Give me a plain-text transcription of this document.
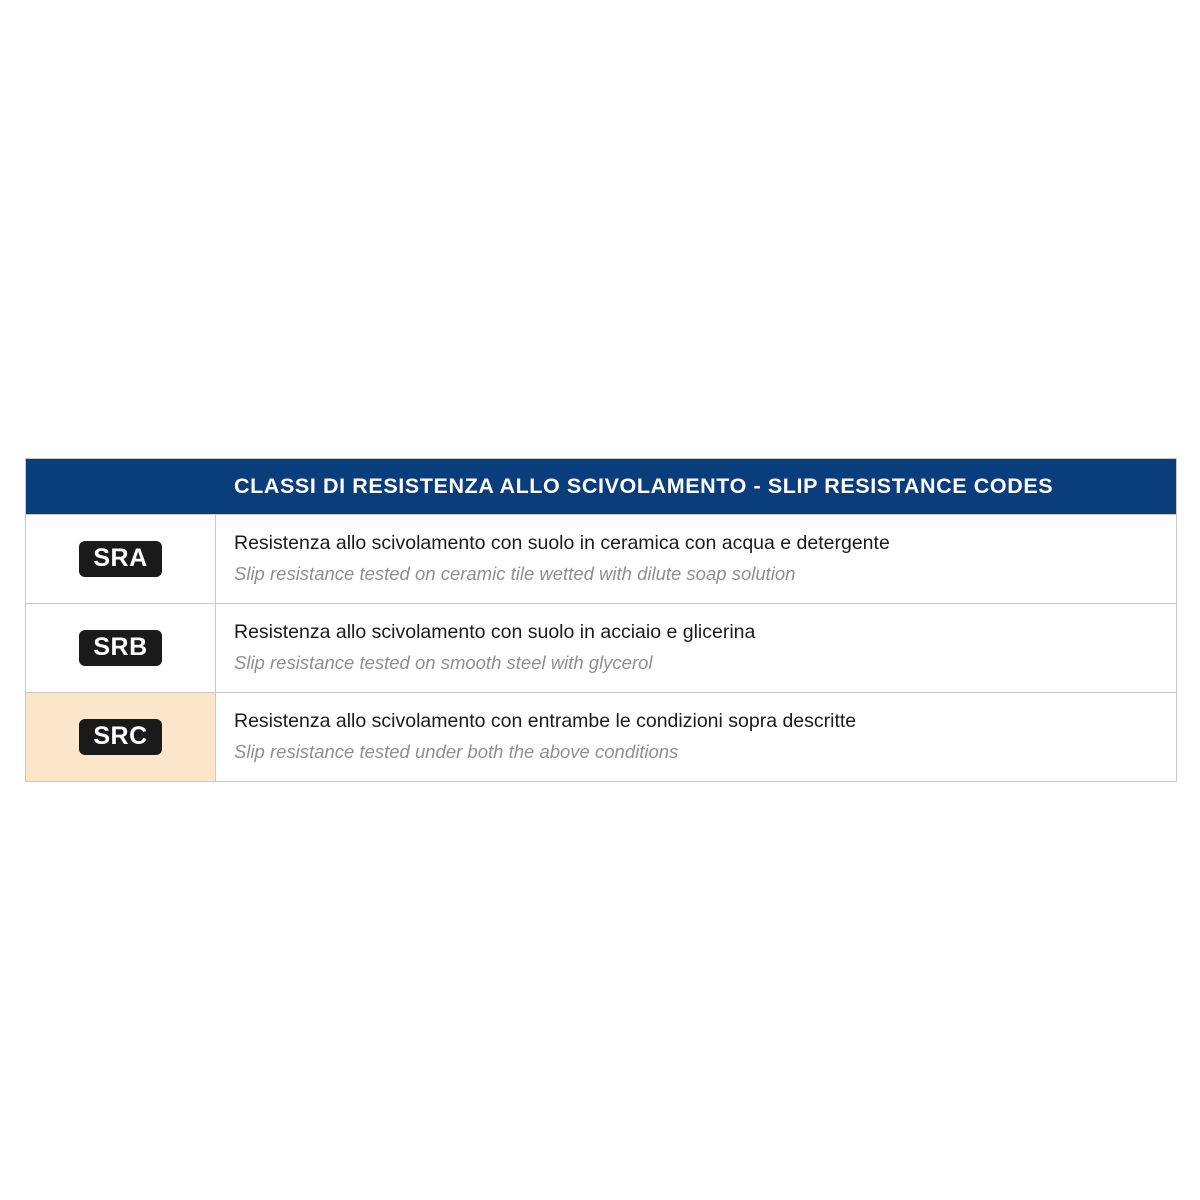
CLASSI DI RESISTENZA ALLO SCIVOLAMENTO - SLIP RESISTANCE CODES
SRA
Resistenza allo scivolamento con suolo in ceramica con acqua e detergente
Slip resistance tested on ceramic tile wetted with dilute soap solution
SRB
Resistenza allo scivolamento con suolo in acciaio e glicerina
Slip resistance tested on smooth steel with glycerol
SRC
Resistenza allo scivolamento con entrambe le condizioni sopra descritte
Slip resistance tested under both the above conditions
